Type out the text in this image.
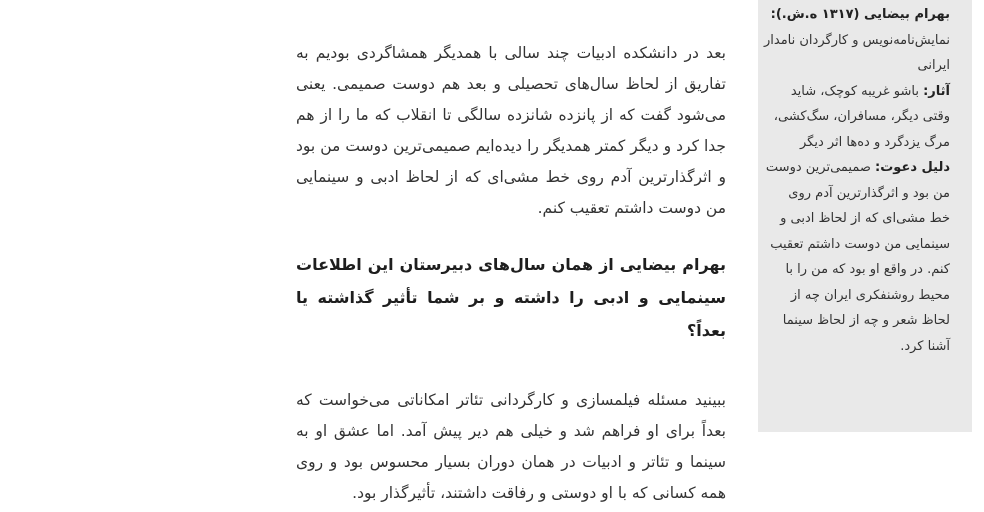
بهرام بیضایی (۱۳۱۷ ه.ش.): نمایش‌نامه‌نویس و کارگردان نامدار ایرانی

آثار: باشو غریبه کوچک، شاید وقتی دیگر، مسافران، سگ‌کشی، مرگ یزدگرد و ده‌ها اثر دیگر

دلیل دعوت: صمیمی‌ترین دوست من بود و اثرگذارترین آدم روی خط مشی‌ای که از لحاظ ادبی و سینمایی من دوست داشتم تعقیب کنم. در واقع او بود که من را با محیط روشنفکری ایران چه از لحاظ شعر و چه از لحاظ سینما آشنا کرد.

بعد در دانشکده ادبیات چند سالی با همدیگر همشاگردی بودیم به تفاریق از لحاظ سال‌های تحصیلی و بعد هم دوست صمیمی. یعنی می‌شود گفت که از پانزده شانزده سالگی تا انقلاب که ما را از هم جدا کرد و دیگر کمتر همدیگر را دیده‌ایم صمیمی‌ترین دوست من بود و اثرگذارترین آدم روی خط مشی‌ای که از لحاظ ادبی و سینمایی من دوست داشتم تعقیب کنم.

بهرام بیضایی از همان سال‌های دبیرستان این اطلاعات سینمایی و ادبی را داشته و بر شما تأثیر گذاشته یا بعداً؟

ببینید مسئله فیلمسازی و کارگردانی تئاتر امکاناتی می‌خواست که بعداً برای او فراهم شد و خیلی هم دیر پیش آمد. اما عشق او به سینما و تئاتر و ادبیات در همان دوران بسیار محسوس بود و روی همه کسانی که با او دوستی و رفاقت داشتند، تأثیرگذار بود.
